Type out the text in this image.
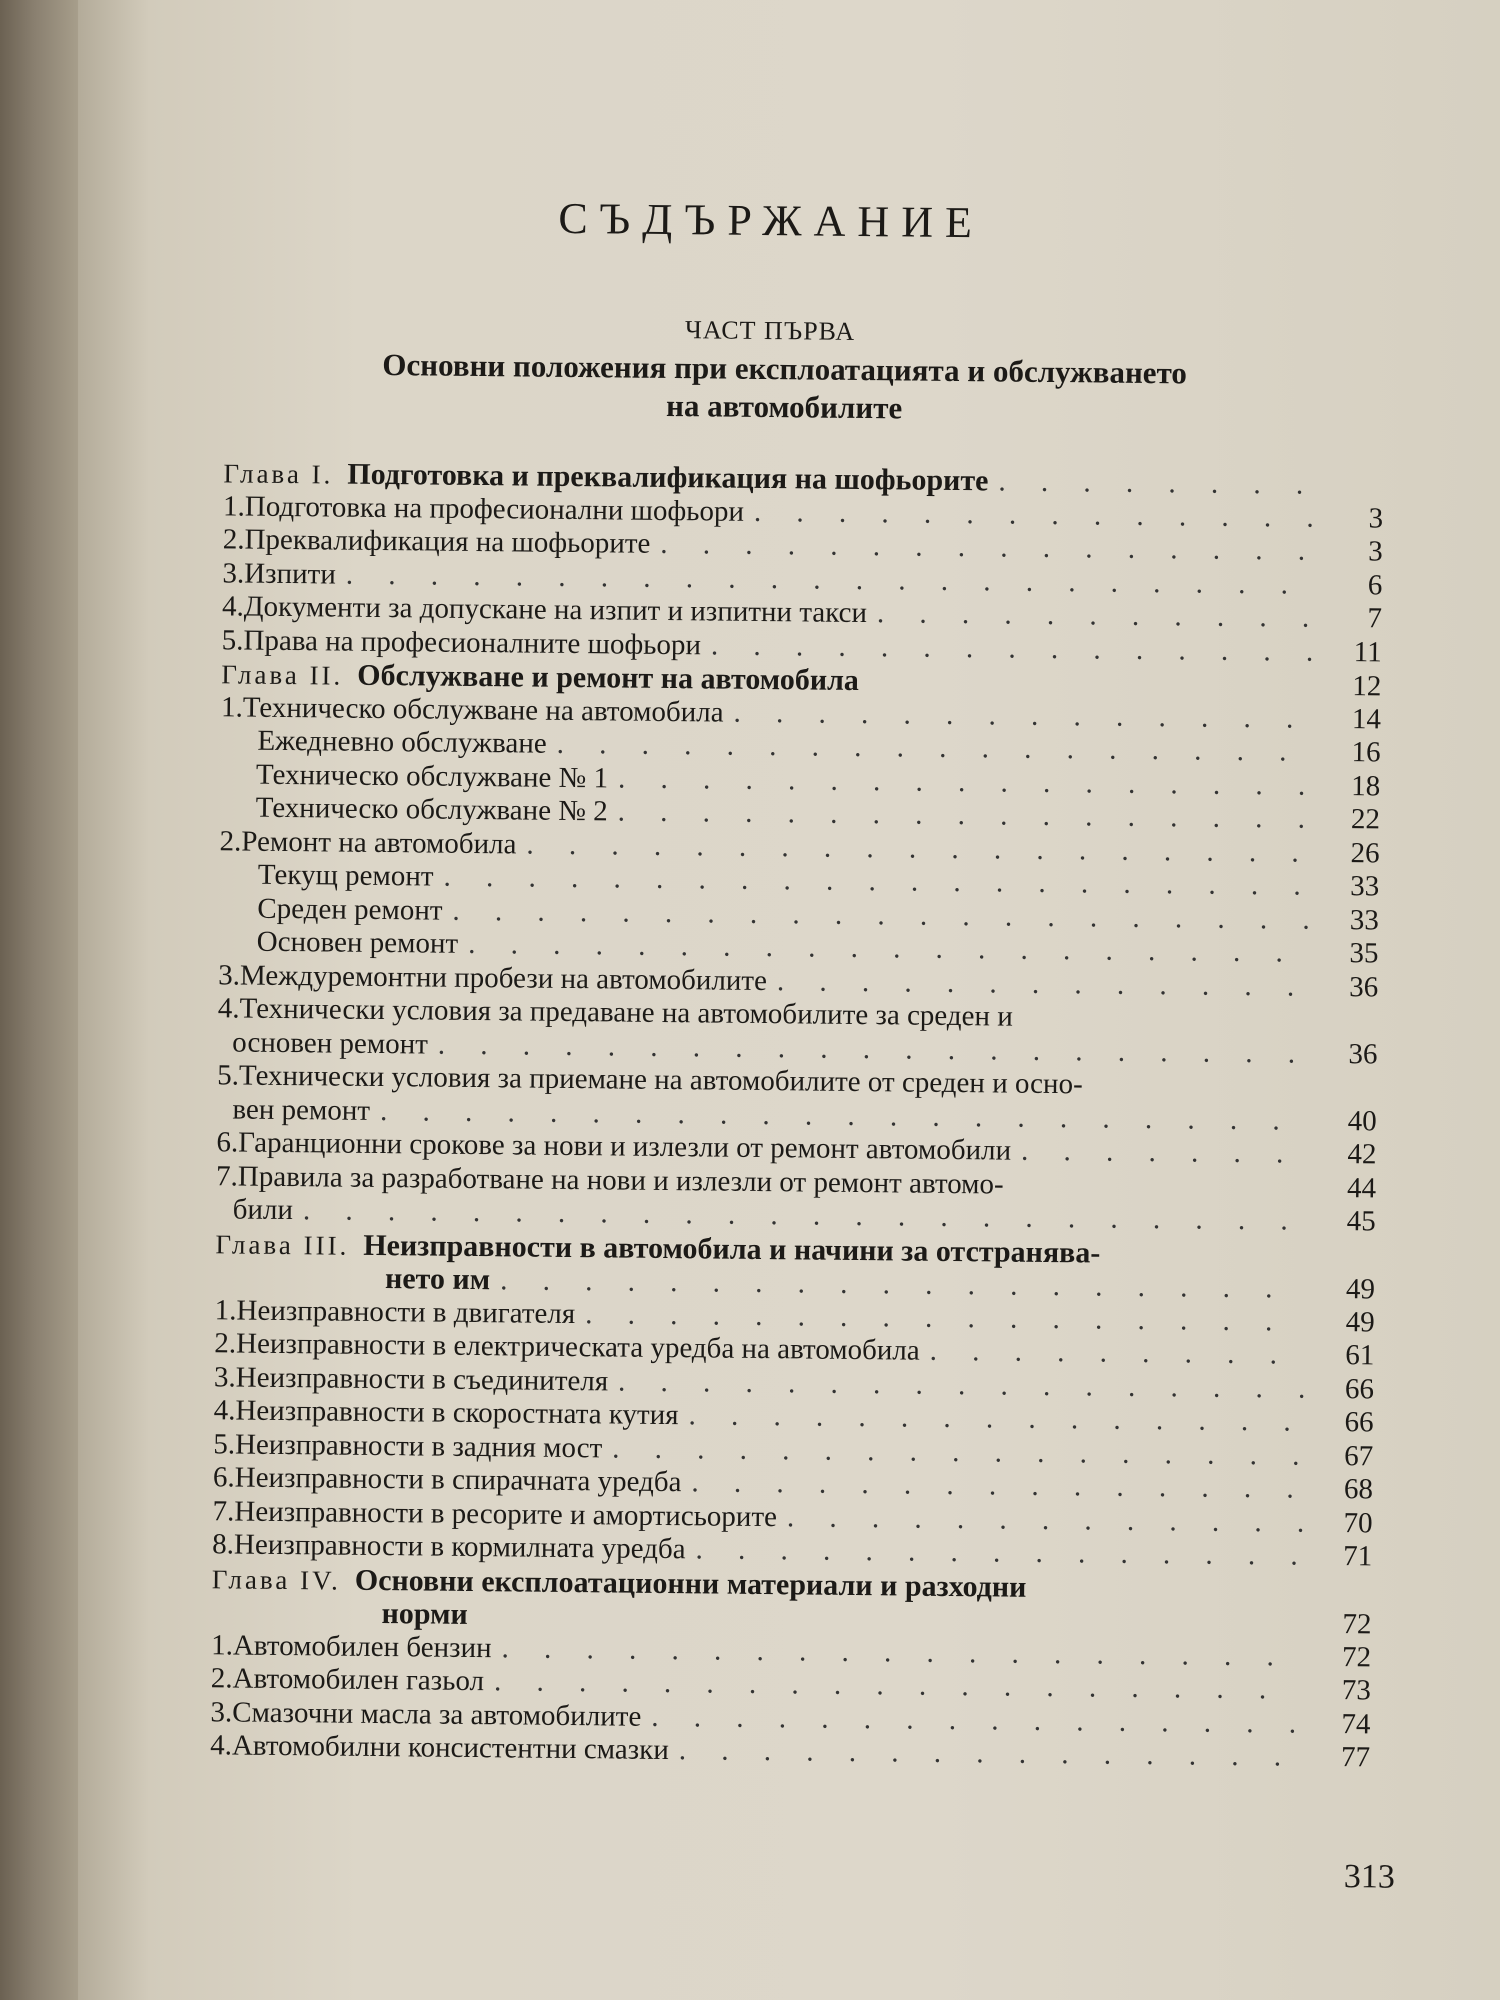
СЪДЪРЖАНИЕ
ЧАСТ ПЪРВА
Основни положения при експлоатацията и обслужването
на автомобилите
Глава I. Подготовка и преквалификация на шофьорите
. . .
1. Подготовка на професионални шофьори . . .	3
2. Преквалификация на шофьорите . . .	3
3. Изпити . . .	6
4. Документи за допускане на изпит и изпитни такси . . .	7
5. Права на професионалните шофьори . . .	11
Глава II. Обслужване и ремонт на автомобила	12
1. Техническо обслужване на автомобила . . .	14
Ежедневно обслужване . . .	16
Техническо обслужване № 1 . . .	18
Техническо обслужване № 2 . . .	22
2. Ремонт на автомобила . . .	26
Текущ ремонт . . .	33
Среден ремонт . . .	33
Основен ремонт . . .	35
3. Междуремонтни пробези на автомобилите . . .	36
4. Технически условия за предаване на автомобилите за среден и
основен ремонт . . .	36
5. Технически условия за приемане на автомобилите от среден и осно-
вен ремонт . . .	40
6. Гаранционни срокове за нови и излезли от ремонт автомобили . . .	42
7. Правила за разработване на нови и излезли от ремонт автомо-	44
били . . .	45
Глава III. Неизправности в автомобила и начини за отстранява-
нето им . . .	49
1. Неизправности в двигателя . . .	49
2. Неизправности в електрическата уредба на автомобила . . .	61
3. Неизправности в съединителя . . .	66
4. Неизправности в скоростната кутия . . .	66
5. Неизправности в задния мост . . .	67
6. Неизправности в спирачната уредба . . .	68
7. Неизправности в ресорите и амортисьорите . . .	70
8. Неизправности в кормилната уредба . . .	71
Глава IV. Основни експлоатационни материали и разходни
норми	72
1. Автомобилен бензин . . .	72
2. Автомобилен газьол . . .	73
3. Смазочни масла за автомобилите . . .	74
4. Автомобилни консистентни смазки . . .	77
313
